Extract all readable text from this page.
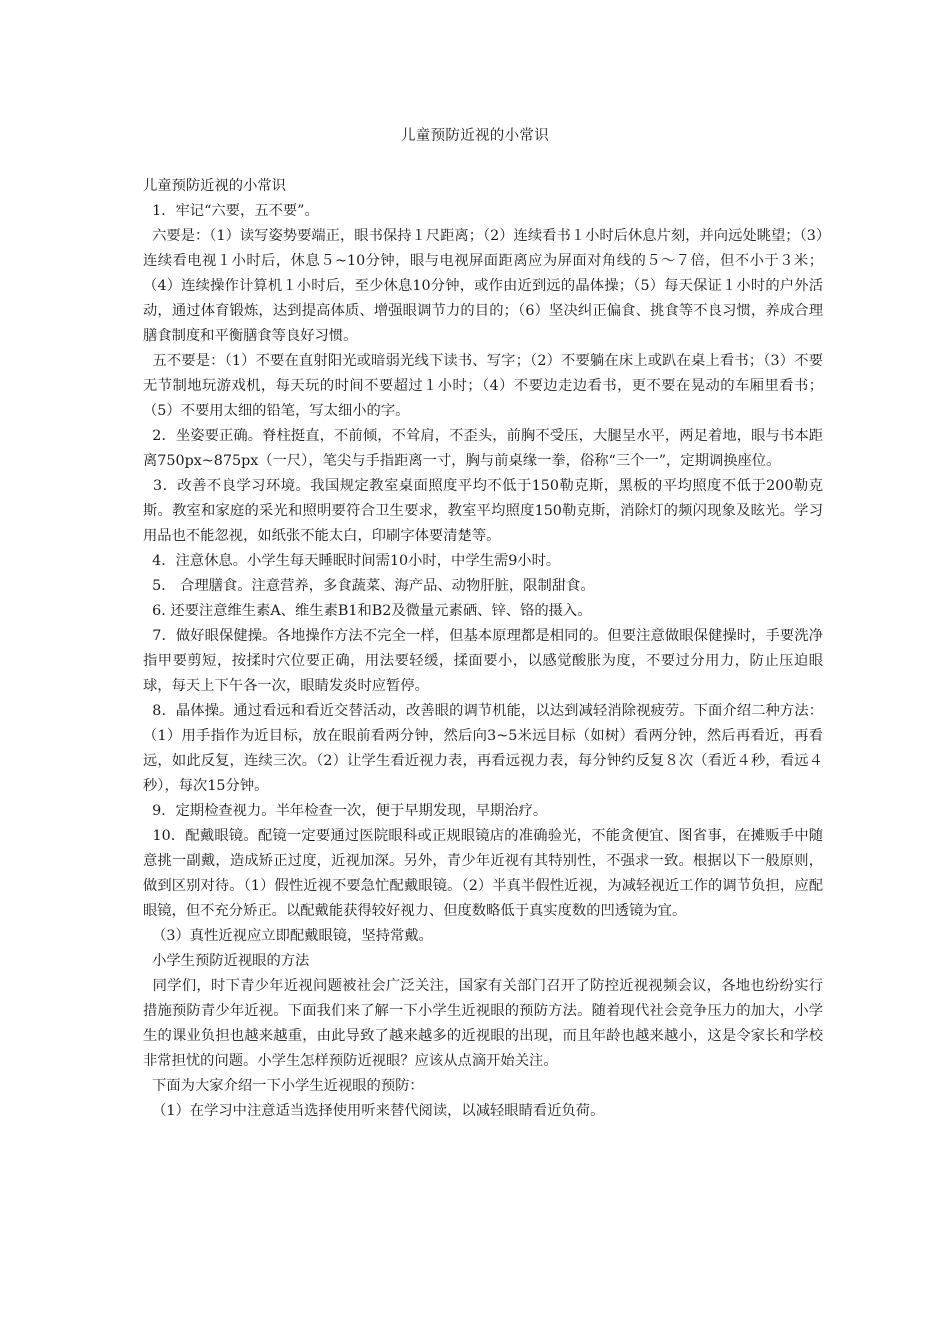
儿童预防近视的小常识

儿童预防近视的小常识

1．牢记“六要，五不要”。

六要是：（1）读写姿势要端正，眼书保持１尺距离；（2）连续看书１小时后休息片刻，并向远处眺望；（3）连续看电视１小时后，休息５~10分钟，眼与电视屏面距离应为屏面对角线的５～７倍，但不小于３米；（4）连续操作计算机１小时后，至少休息10分钟，或作由近到远的晶体操；（5）每天保证１小时的户外活动，通过体育锻炼，达到提高体质、增强眼调节力的目的；（6）坚决纠正偏食、挑食等不良习惯，养成合理膳食制度和平衡膳食等良好习惯。

五不要是：（1）不要在直射阳光或暗弱光线下读书、写字；（2）不要躺在床上或趴在桌上看书；（3）不要无节制地玩游戏机，每天玩的时间不要超过１小时；（4）不要边走边看书，更不要在晃动的车厢里看书；（5）不要用太细的铅笔，写太细小的字。

2．坐姿要正确。脊柱挺直，不前倾，不耸肩，不歪头，前胸不受压，大腿呈水平，两足着地，眼与书本距离750px~875px（一尺），笔尖与手指距离一寸，胸与前桌缘一拳，俗称“三个一”，定期调换座位。

3．改善不良学习环境。我国规定教室桌面照度平均不低于150勒克斯，黑板的平均照度不低于200勒克斯。教室和家庭的采光和照明要符合卫生要求，教室平均照度150勒克斯，消除灯的频闪现象及眩光。学习用品也不能忽视，如纸张不能太白，印刷字体要清楚等。

4．注意休息。小学生每天睡眠时间需10小时，中学生需9小时。

5． 合理膳食。注意营养，多食蔬菜、海产品、动物肝脏，限制甜食。

6. 还要注意维生素A、维生素B1和B2及微量元素硒、锌、铬的摄入。

7．做好眼保健操。各地操作方法不完全一样，但基本原理都是相同的。但要注意做眼保健操时，手要洗净指甲要剪短，按揉时穴位要正确，用法要轻缓，揉面要小，以感觉酸胀为度，不要过分用力，防止压迫眼球，每天上下午各一次，眼睛发炎时应暂停。

8．晶体操。通过看远和看近交替活动，改善眼的调节机能，以达到减轻消除视疲劳。下面介绍二种方法：（1）用手指作为近目标，放在眼前看两分钟，然后向3~5米远目标（如树）看两分钟，然后再看近，再看远，如此反复，连续三次。（2）让学生看近视力表，再看远视力表，每分钟约反复８次（看近４秒，看远４秒），每次15分钟。

9．定期检查视力。半年检查一次，便于早期发现，早期治疗。

10．配戴眼镜。配镜一定要通过医院眼科或正规眼镜店的准确验光，不能贪便宜、图省事，在摊贩手中随意挑一副戴，造成矫正过度，近视加深。另外，青少年近视有其特别性，不强求一致。根据以下一般原则，做到区别对待。（1）假性近视不要急忙配戴眼镜。（2）半真半假性近视，为减轻视近工作的调节负担，应配眼镜，但不充分矫正。以配戴能获得较好视力、但度数略低于真实度数的凹透镜为宜。

（3）真性近视应立即配戴眼镜，坚持常戴。

小学生预防近视眼的方法

同学们，时下青少年近视问题被社会广泛关注，国家有关部门召开了防控近视视频会议，各地也纷纷实行措施预防青少年近视。下面我们来了解一下小学生近视眼的预防方法。随着现代社会竞争压力的加大，小学生的课业负担也越来越重，由此导致了越来越多的近视眼的出现，而且年龄也越来越小，这是令家长和学校非常担忧的问题。小学生怎样预防近视眼？应该从点滴开始关注。

下面为大家介绍一下小学生近视眼的预防：

（1）在学习中注意适当选择使用听来替代阅读，以减轻眼睛看近负荷。
